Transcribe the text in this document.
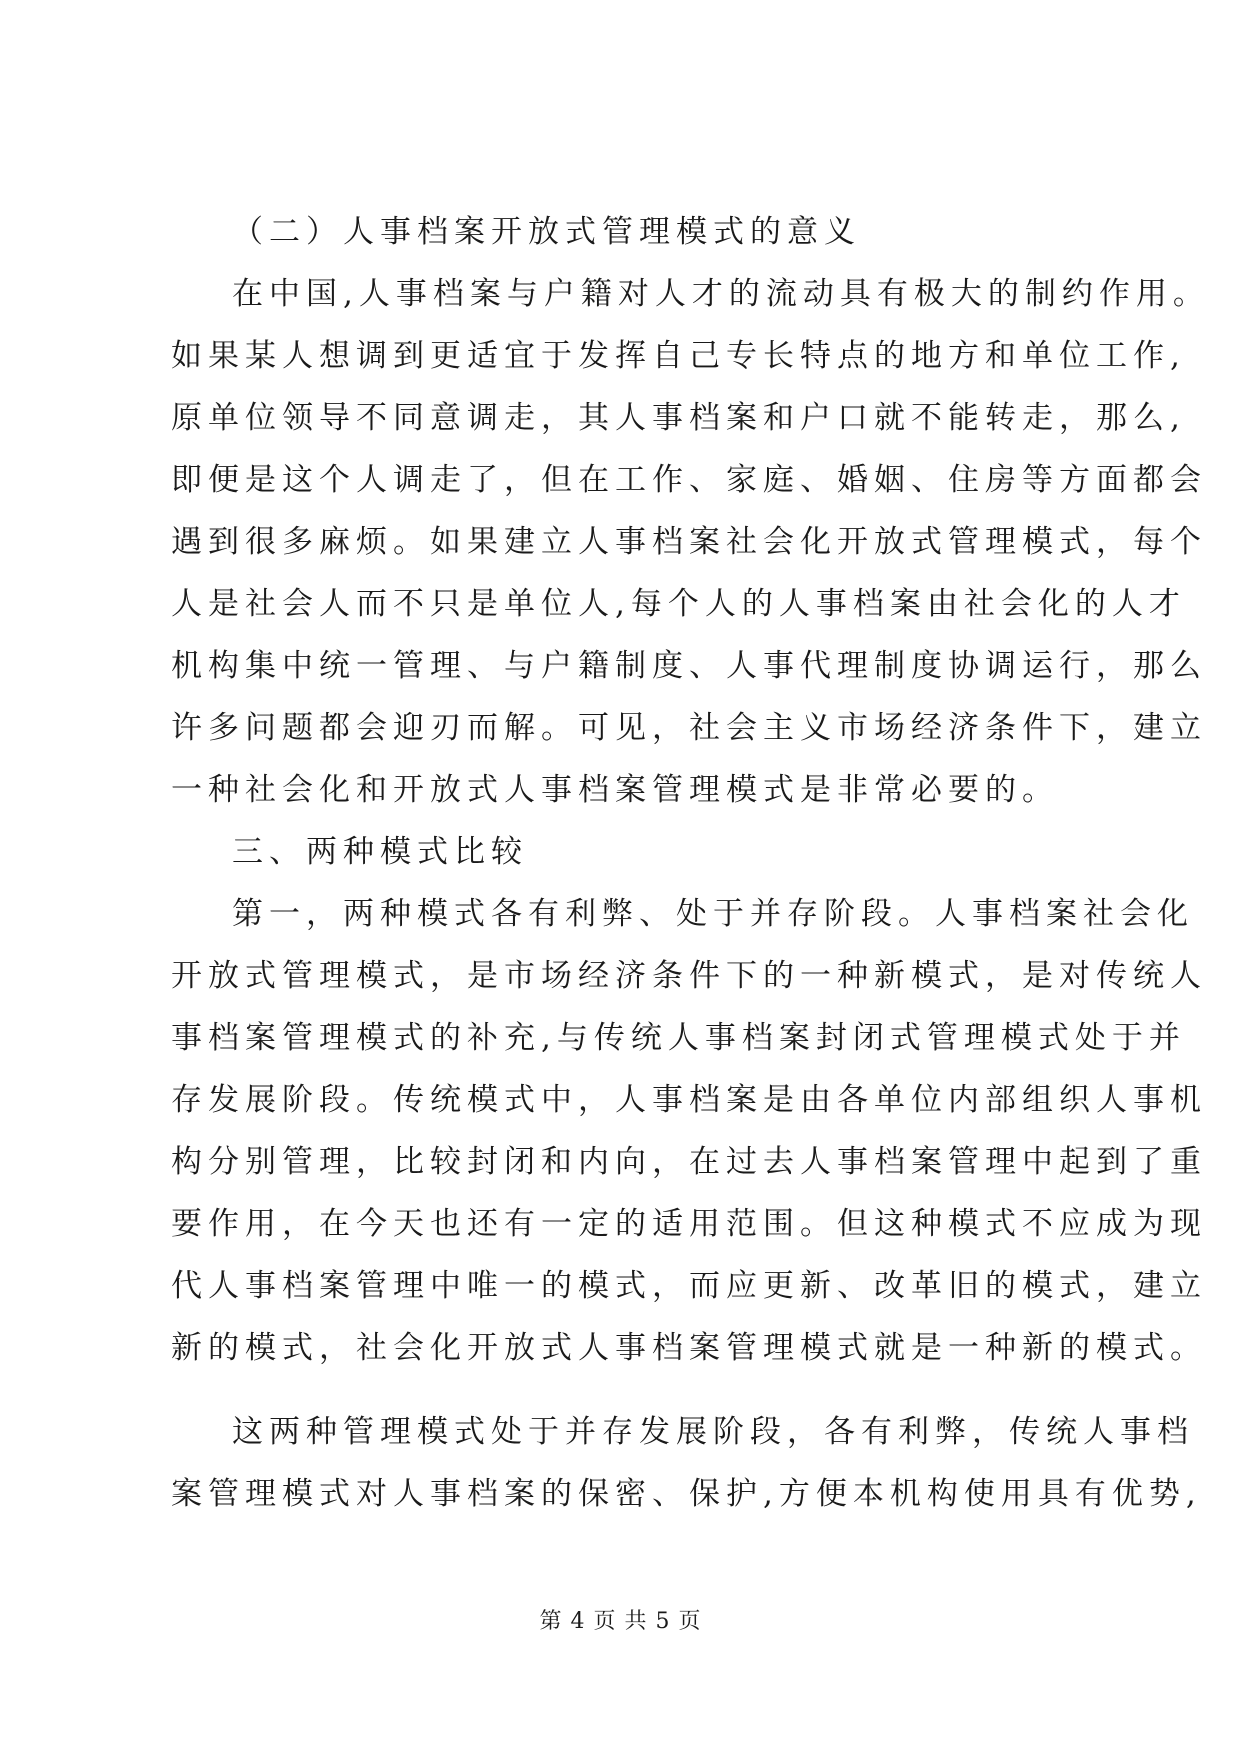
（二）人事档案开放式管理模式的意义
在中国,人事档案与户籍对人才的流动具有极大的制约作用。
如果某人想调到更适宜于发挥自己专长特点的地方和单位工作,
原单位领导不同意调走，其人事档案和户口就不能转走，那么,
即便是这个人调走了，但在工作、家庭、婚姻、住房等方面都会
遇到很多麻烦。如果建立人事档案社会化开放式管理模式，每个
人是社会人而不只是单位人,每个人的人事档案由社会化的人才
机构集中统一管理、与户籍制度、人事代理制度协调运行，那么
许多问题都会迎刃而解。可见，社会主义市场经济条件下，建立
一种社会化和开放式人事档案管理模式是非常必要的。
三、两种模式比较
第一，两种模式各有利弊、处于并存阶段。人事档案社会化
开放式管理模式，是市场经济条件下的一种新模式，是对传统人
事档案管理模式的补充,与传统人事档案封闭式管理模式处于并
存发展阶段。传统模式中，人事档案是由各单位内部组织人事机
构分别管理，比较封闭和内向，在过去人事档案管理中起到了重
要作用，在今天也还有一定的适用范围。但这种模式不应成为现
代人事档案管理中唯一的模式，而应更新、改革旧的模式，建立
新的模式，社会化开放式人事档案管理模式就是一种新的模式。
这两种管理模式处于并存发展阶段，各有利弊，传统人事档
案管理模式对人事档案的保密、保护,方便本机构使用具有优势,
第 4 页 共 5 页
